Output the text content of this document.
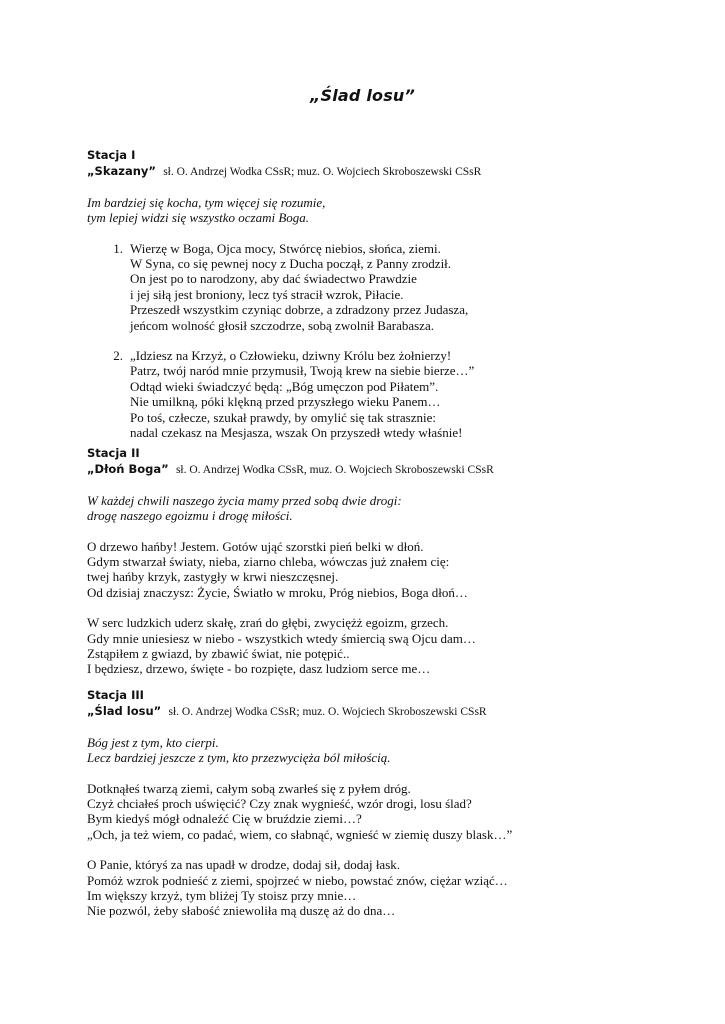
„Ślad losu”
Stacja I
„Skazany” sł. O. Andrzej Wodka CSsR; muz. O. Wojciech Skroboszewski CSsR
Im bardziej się kocha, tym więcej się rozumie,
tym lepiej widzi się wszystko oczami Boga.
1. Wierzę w Boga, Ojca mocy, Stwórcę niebios, słońca, ziemi.
W Syna, co się pewnej nocy z Ducha począł, z Panny zrodził.
On jest po to narodzony, aby dać świadectwo Prawdzie
i jej siłą jest broniony, lecz tyś stracił wzrok, Piłacie.
Przeszedł wszystkim czyniąc dobrze, a zdradzony przez Judasza,
jeńcom wolność głosił szczodrze, sobą zwolnił Barabasza.
2. „Idziesz na Krzyż, o Człowieku, dziwny Królu bez żołnierzy!
Patrz, twój naród mnie przymusił, Twoją krew na siebie bierze…”
Odtąd wieki świadczyć będą: „Bóg umęczon pod Piłatem”.
Nie umilkną, póki klękną przed przyszłego wieku Panem…
Po toś, człecze, szukał prawdy, by omylić się tak strasznie:
nadal czekasz na Mesjasza, wszak On przyszedł wtedy właśnie!
Stacja II
„Dłoń Boga” sł. O. Andrzej Wodka CSsR, muz. O. Wojciech Skroboszewski CSsR
W każdej chwili naszego życia mamy przed sobą dwie drogi:
drogę naszego egoizmu i drogę miłości.
O drzewo hańby! Jestem. Gotów ująć szorstki pień belki w dłoń.
Gdym stwarzał światy, nieba, ziarno chleba, wówczas już znałem cię:
twej hańby krzyk, zastygły w krwi nieszczęsnej.
Od dzisiaj znaczysz: Życie, Światło w mroku, Próg niebios, Boga dłoń…
W serc ludzkich uderz skałę, zrań do głębi, zwyciężż egoizm, grzech.
Gdy mnie uniesiesz w niebo - wszystkich wtedy śmiercią swą Ojcu dam…
Zstąpiłem z gwiazd, by zbawić świat, nie potępić..
I będziesz, drzewo, święte - bo rozpięte, dasz ludziom serce me…
Stacja III
„Ślad losu” sł. O. Andrzej Wodka CSsR; muz. O. Wojciech Skroboszewski CSsR
Bóg jest z tym, kto cierpi.
Lecz bardziej jeszcze z tym, kto przezwycięża ból miłością.
Dotknąłeś twarzą ziemi, całym sobą zwarłeś się z pyłem dróg.
Czyż chciałeś proch uświęcić? Czy znak wygnieść, wzór drogi, losu ślad?
Bym kiedyś mógł odnaleźć Cię w bruździe ziemi…?
„Och, ja też wiem, co padać, wiem, co słabnąć, wgnieść w ziemię duszy blask…”
O Panie, któryś za nas upadł w drodze, dodaj sił, dodaj łask.
Pomóż wzrok podnieść z ziemi, spojrzeć w niebo, powstać znów, ciężar wziąć…
Im większy krzyż, tym bliżej Ty stoisz przy mnie…
Nie pozwól, żeby słabość zniewoliła mą duszę aż do dna…
